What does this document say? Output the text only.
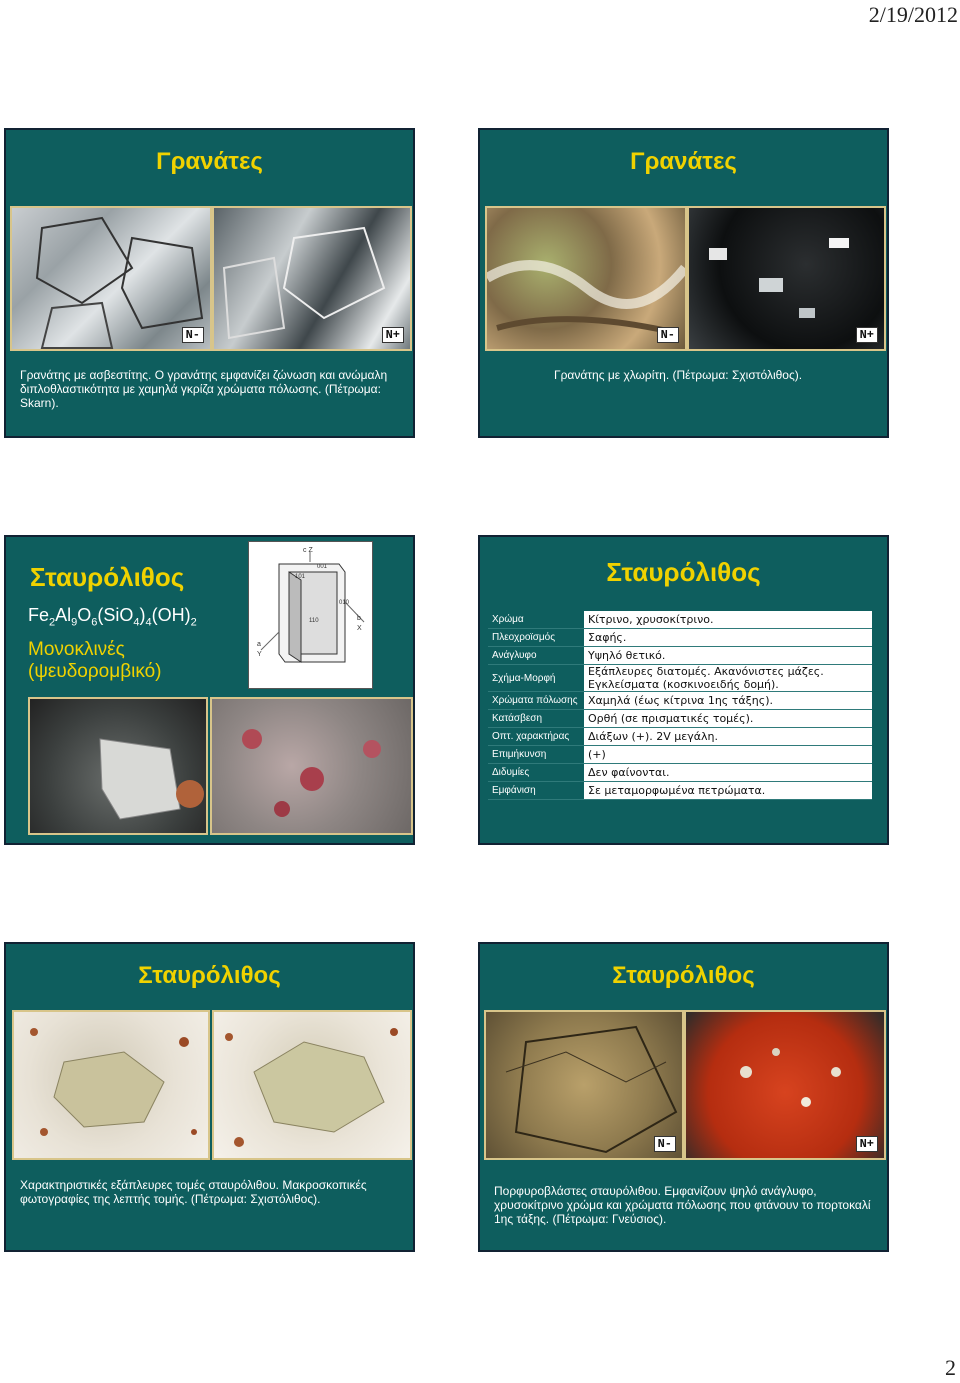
2/19/2012
Γρανάτες
N-	N+
Γρανάτης με ασβεστίτης. Ο γρανάτης εμφανίζει ζώνωση και ανώμαλη διπλοθλαστικότητα με χαμηλά γκρίζα χρώματα πόλωσης. (Πέτρωμα: Skarn).
Γρανάτες
N-	N+
Γρανάτης με χλωρίτη. (Πέτρωμα: Σχιστόλιθος).
Σταυρόλιθος
$Fe_2Al_9O_6(SiO_4)_4(OH)_2$
Μονοκλινές
(ψευδορομβικό)
c Z
001
101
010
110	b
X
a
Y
Σταυρόλιθος
Χρώμα	Κίτρινο, χρυσοκίτρινο.
Πλεοχροϊσμός	Σαφής.
Ανάγλυφο	Υψηλό θετικό.
Σχήμα-Μορφή	Εξάπλευρες διατομές. Ακανόνιστες μάζες. Εγκλείσματα (κοσκινοειδής δομή).
Χρώματα πόλωσης	Χαμηλά (έως κίτρινα 1ης τάξης).
Κατάσβεση	Ορθή (σε πρισματικές τομές).
Οπτ. χαρακτήρας	Διάξων (+). 2V μεγάλη.
Επιμήκυνση	(+)
Διδυμίες	Δεν φαίνονται.
Εμφάνιση	Σε μεταμορφωμένα πετρώματα.
Σταυρόλιθος
Χαρακτηριστικές εξάπλευρες τομές σταυρόλιθου. Μακροσκοπικές φωτογραφίες της λεπτής τομής. (Πέτρωμα: Σχιστόλιθος).
Σταυρόλιθος
N-	N+
Πορφυροβλάστες σταυρόλιθου. Εμφανίζουν ψηλό ανάγλυφο, χρυσοκίτρινο χρώμα και χρώματα πόλωσης που φτάνουν το πορτοκαλί 1ης τάξης. (Πέτρωμα: Γνεύσιος).
2
